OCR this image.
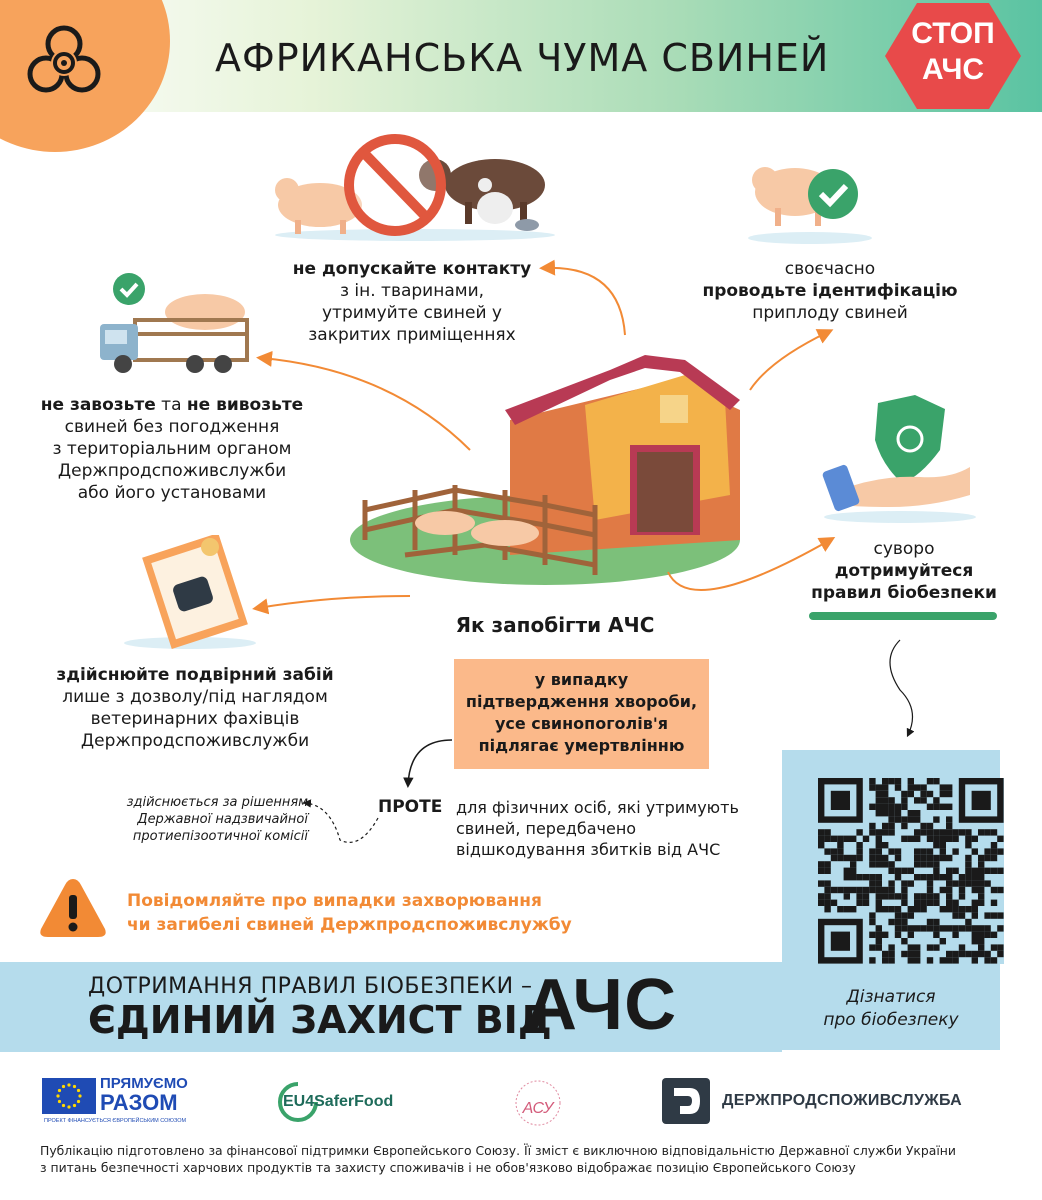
АФРИКАНСЬКА ЧУМА СВИНЕЙ
СТОП
АЧС
не допускайте контакту
з ін. тваринами,
утримуйте свиней у
закритих приміщеннях
своєчасно
проводьте ідентифікацію
приплоду свиней
не завозьте та не вивозьте
свиней без погодження
з територіальним органом
Держпродспоживслужби
або його установами
суворо
дотримуйтеся
правил біобезпеки
здійснюйте подвірний забій
лише з дозволу/під наглядом
ветеринарних фахівців
Держпродспоживслужби
Як запобігти АЧС
у випадку
підтвердження хвороби,
усе свинопоголів'я
підлягає умертвлінню
ПРОТЕ для фізичних осіб, які утримують
свиней, передбачено
відшкодування збитків від АЧС
здійснюється за рішенням
Державної надзвичайної
протиепізоотичної комісії
Повідомляйте про випадки захворювання
чи загибелі свиней Держпродспоживслужбу
Дізнатися
про біобезпеку
ДОТРИМАННЯ ПРАВИЛ БІОБЕЗПЕКИ –
ЄДИНИЙ ЗАХИСТ ВІД
АЧС
ПРЯМУЄМО
РАЗОМ
ПРОЕКТ ФІНАНСУЄТЬСЯ ЄВРОПЕЙСЬКИМ СОЮЗОМ
EU4SaferFood	АСУ	ДЕРЖПРОДСПОЖИВСЛУЖБА
Публікацію підготовлено за фінансової підтримки Європейського Союзу. Її зміст є виключною відповідальністю Державної служби України
з питань безпечності харчових продуктів та захисту споживачів і не обов'язково відображає позицію Європейського Союзу
